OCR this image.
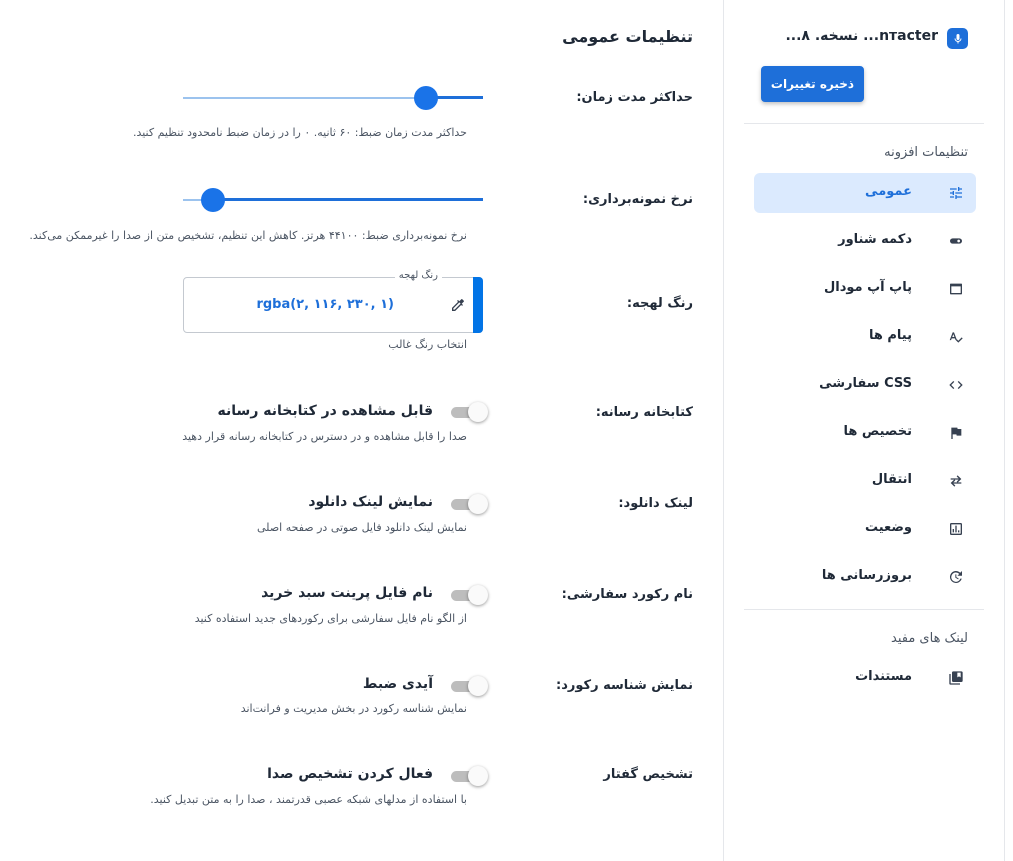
تنظیمات عمومی
حداکثر مدت زمان:
حداکثر مدت زمان ضبط: ۶۰ ثانیه. ۰ را در زمان ضبط نامحدود تنظیم کنید.
نرخ نمونه‌برداری:
نرخ نمونه‌برداری ضبط: ۴۴۱۰۰ هرتز. کاهش این تنظیم، تشخیص متن از صدا را غیرممکن می‌کند.
رنگ لهجه:
رنگ لهجه
rgba(۲, ۱۱۶, ۲۳۰, ۱)
انتخاب رنگ غالب
کتابخانه رسانه:
قابل مشاهده در کتابخانه رسانه
صدا را قابل مشاهده و در دسترس در کتابخانه رسانه قرار دهید
لینک دانلود:
نمایش لینک دانلود
نمایش لینک دانلود فایل صوتی در صفحه اصلی
نام رکورد سفارشی:
نام فایل پرینت سبد خرید
از الگو نام فایل سفارشی برای رکوردهای جدید استفاده کنید
نمایش شناسه رکورد:
آیدی ضبط
نمایش شناسه رکورد در بخش مدیریت و فرانت‌اند
تشخیص گفتار
فعال کردن تشخیص صدا
با استفاده از مدلهای شبکه عصبی قدرتمند ، صدا را به متن تبدیل کنید.
nтacter... نسخه. ۸...
ذخیره تغییرات
تنظیمات افزونه
عمومی
دکمه شناور
پاپ آپ مودال
پیام ها
CSS سفارشی
تخصیص ها
انتقال
وضعیت
بروزرسانی ها
لینک های مفید
مستندات
